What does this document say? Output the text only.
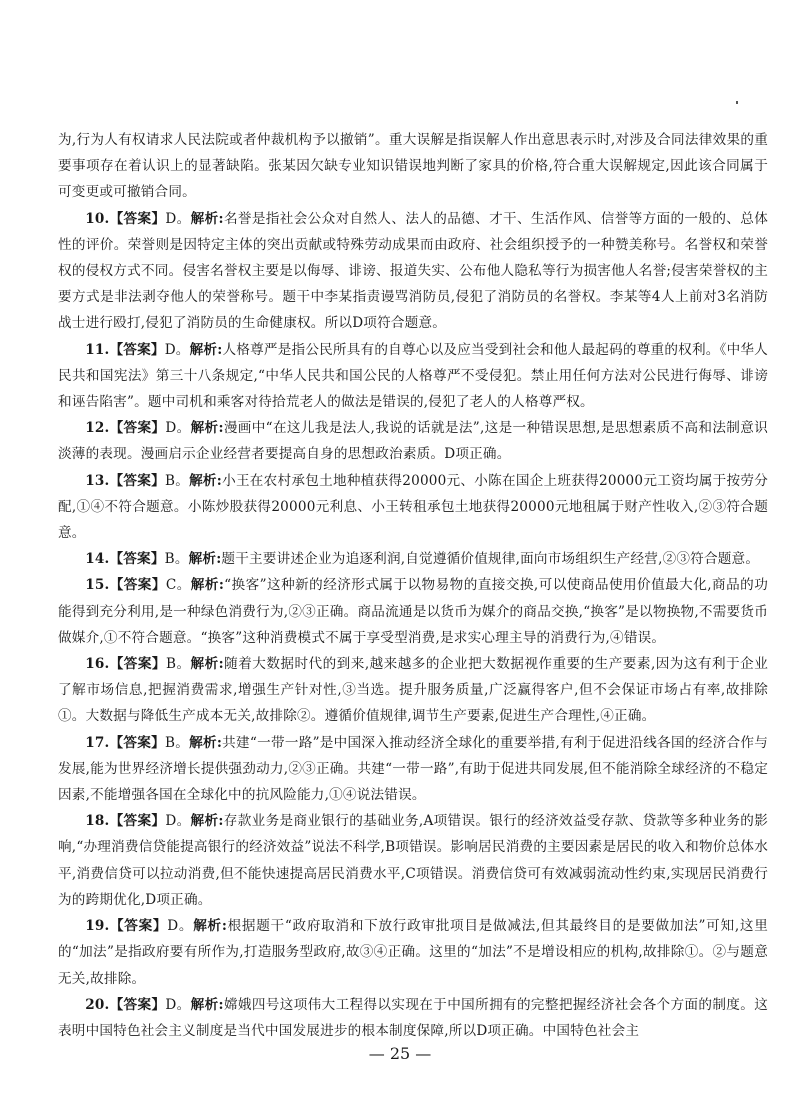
为,行为人有权请求人民法院或者仲裁机构予以撤销”。重大误解是指误解人作出意思表示时,对涉及合同法律效果的重要事项存在着认识上的显著缺陷。张某因欠缺专业知识错误地判断了家具的价格,符合重大误解规定,因此该合同属于可变更或可撤销合同。

10.【答案】D。解析:名誉是指社会公众对自然人、法人的品德、才干、生活作风、信誉等方面的一般的、总体性的评价。荣誉则是因特定主体的突出贡献或特殊劳动成果而由政府、社会组织授予的一种赞美称号。名誉权和荣誉权的侵权方式不同。侵害名誉权主要是以侮辱、诽谤、报道失实、公布他人隐私等行为损害他人名誉;侵害荣誉权的主要方式是非法剥夺他人的荣誉称号。题干中李某指责谩骂消防员,侵犯了消防员的名誉权。李某等4人上前对3名消防战士进行殴打,侵犯了消防员的生命健康权。所以D项符合题意。

11.【答案】D。解析:人格尊严是指公民所具有的自尊心以及应当受到社会和他人最起码的尊重的权利。《中华人民共和国宪法》第三十八条规定,“中华人民共和国公民的人格尊严不受侵犯。禁止用任何方法对公民进行侮辱、诽谤和诬告陷害”。题中司机和乘客对待拾荒老人的做法是错误的,侵犯了老人的人格尊严权。

12.【答案】D。解析:漫画中“在这儿我是法人,我说的话就是法”,这是一种错误思想,是思想素质不高和法制意识淡薄的表现。漫画启示企业经营者要提高自身的思想政治素质。D项正确。

13.【答案】B。解析:小王在农村承包土地种植获得20000元、小陈在国企上班获得20000元工资均属于按劳分配,①④不符合题意。小陈炒股获得20000元利息、小王转租承包土地获得20000元地租属于财产性收入,②③符合题意。

14.【答案】B。解析:题干主要讲述企业为追逐利润,自觉遵循价值规律,面向市场组织生产经营,②③符合题意。

15.【答案】C。解析:“换客”这种新的经济形式属于以物易物的直接交换,可以使商品使用价值最大化,商品的功能得到充分利用,是一种绿色消费行为,②③正确。商品流通是以货币为媒介的商品交换,“换客”是以物换物,不需要货币做媒介,①不符合题意。“换客”这种消费模式不属于享受型消费,是求实心理主导的消费行为,④错误。

16.【答案】B。解析:随着大数据时代的到来,越来越多的企业把大数据视作重要的生产要素,因为这有利于企业了解市场信息,把握消费需求,增强生产针对性,③当选。提升服务质量,广泛赢得客户,但不会保证市场占有率,故排除①。大数据与降低生产成本无关,故排除②。遵循价值规律,调节生产要素,促进生产合理性,④正确。

17.【答案】B。解析:共建“一带一路”是中国深入推动经济全球化的重要举措,有利于促进沿线各国的经济合作与发展,能为世界经济增长提供强劲动力,②③正确。共建“一带一路”,有助于促进共同发展,但不能消除全球经济的不稳定因素,不能增强各国在全球化中的抗风险能力,①④说法错误。

18.【答案】D。解析:存款业务是商业银行的基础业务,A项错误。银行的经济效益受存款、贷款等多种业务的影响,“办理消费信贷能提高银行的经济效益”说法不科学,B项错误。影响居民消费的主要因素是居民的收入和物价总体水平,消费信贷可以拉动消费,但不能快速提高居民消费水平,C项错误。消费信贷可有效减弱流动性约束,实现居民消费行为的跨期优化,D项正确。

19.【答案】D。解析:根据题干“政府取消和下放行政审批项目是做减法,但其最终目的是要做加法”可知,这里的“加法”是指政府要有所作为,打造服务型政府,故③④正确。这里的“加法”不是增设相应的机构,故排除①。②与题意无关,故排除。

20.【答案】D。解析:嫦娥四号这项伟大工程得以实现在于中国所拥有的完整把握经济社会各个方面的制度。这表明中国特色社会主义制度是当代中国发展进步的根本制度保障,所以D项正确。中国特色社会主

— 25 —
